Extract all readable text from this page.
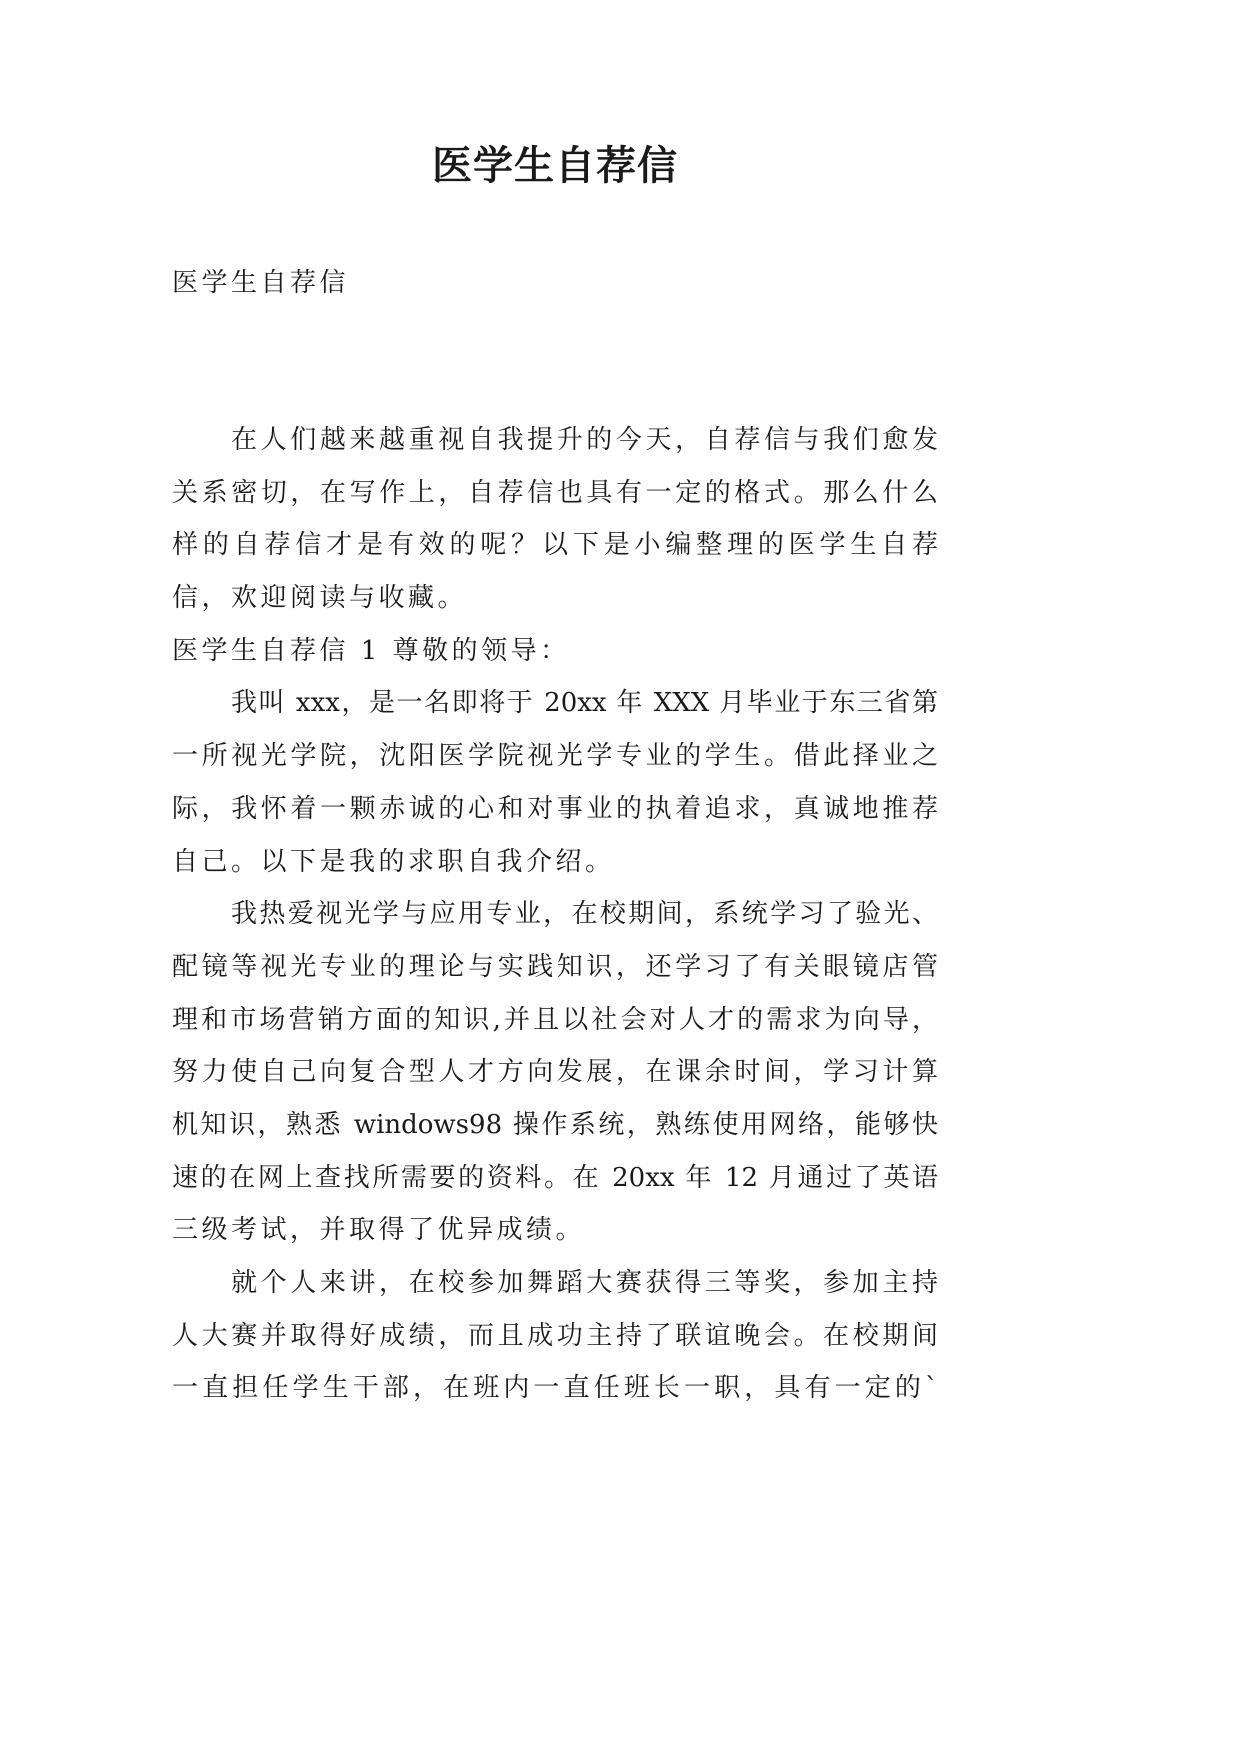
医学生自荐信
医学生自荐信
在人们越来越重视自我提升的今天，自荐信与我们愈发
关系密切，在写作上，自荐信也具有一定的格式。那么什么
样的自荐信才是有效的呢？以下是小编整理的医学生自荐
信，欢迎阅读与收藏。
医学生自荐信 1 尊敬的领导：
我叫 xxx，是一名即将于 20xx 年 XXX 月毕业于东三省第
一所视光学院，沈阳医学院视光学专业的学生。借此择业之
际，我怀着一颗赤诚的心和对事业的执着追求，真诚地推荐
自己。以下是我的求职自我介绍。
我热爱视光学与应用专业，在校期间，系统学习了验光、
配镜等视光专业的理论与实践知识，还学习了有关眼镜店管
理和市场营销方面的知识,并且以社会对人才的需求为向导，
努力使自己向复合型人才方向发展，在课余时间，学习计算
机知识，熟悉 windows98 操作系统，熟练使用网络，能够快
速的在网上查找所需要的资料。在 20xx 年 12 月通过了英语
三级考试，并取得了优异成绩。
就个人来讲，在校参加舞蹈大赛获得三等奖，参加主持
人大赛并取得好成绩，而且成功主持了联谊晚会。在校期间
一直担任学生干部，在班内一直任班长一职，具有一定的`
